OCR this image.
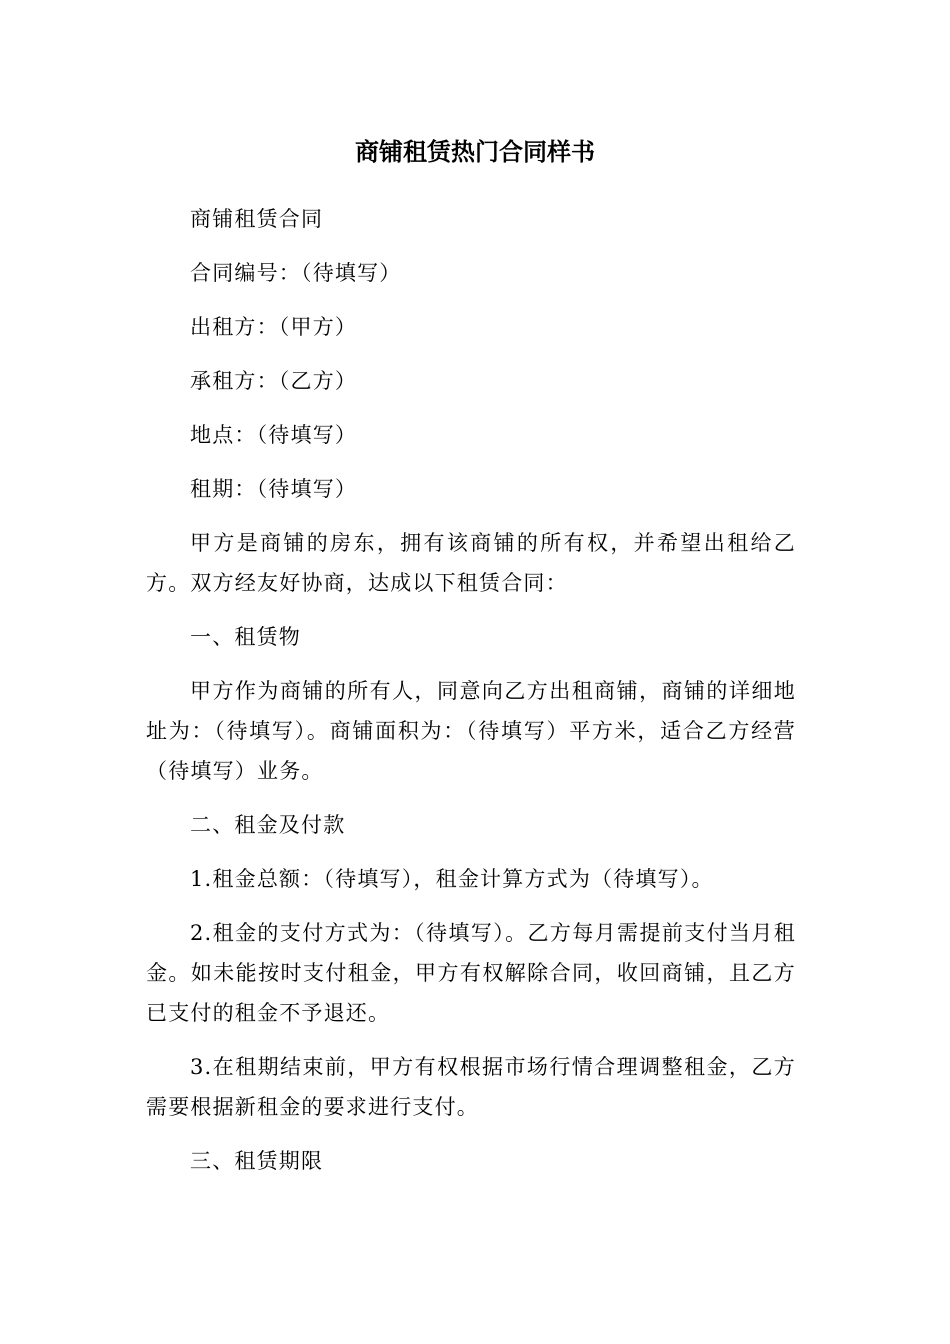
商铺租赁热门合同样书

商铺租赁合同

合同编号：（待填写）

出租方：（甲方）

承租方：（乙方）

地点：（待填写）

租期：（待填写）

甲方是商铺的房东，拥有该商铺的所有权，并希望出租给乙方。双方经友好协商，达成以下租赁合同：

一、租赁物

甲方作为商铺的所有人，同意向乙方出租商铺，商铺的详细地址为：（待填写）。商铺面积为：（待填写）平方米，适合乙方经营（待填写）业务。

二、租金及付款

1.租金总额：（待填写），租金计算方式为（待填写）。

2.租金的支付方式为：（待填写）。乙方每月需提前支付当月租金。如未能按时支付租金，甲方有权解除合同，收回商铺，且乙方已支付的租金不予退还。

3.在租期结束前，甲方有权根据市场行情合理调整租金，乙方需要根据新租金的要求进行支付。

三、租赁期限
